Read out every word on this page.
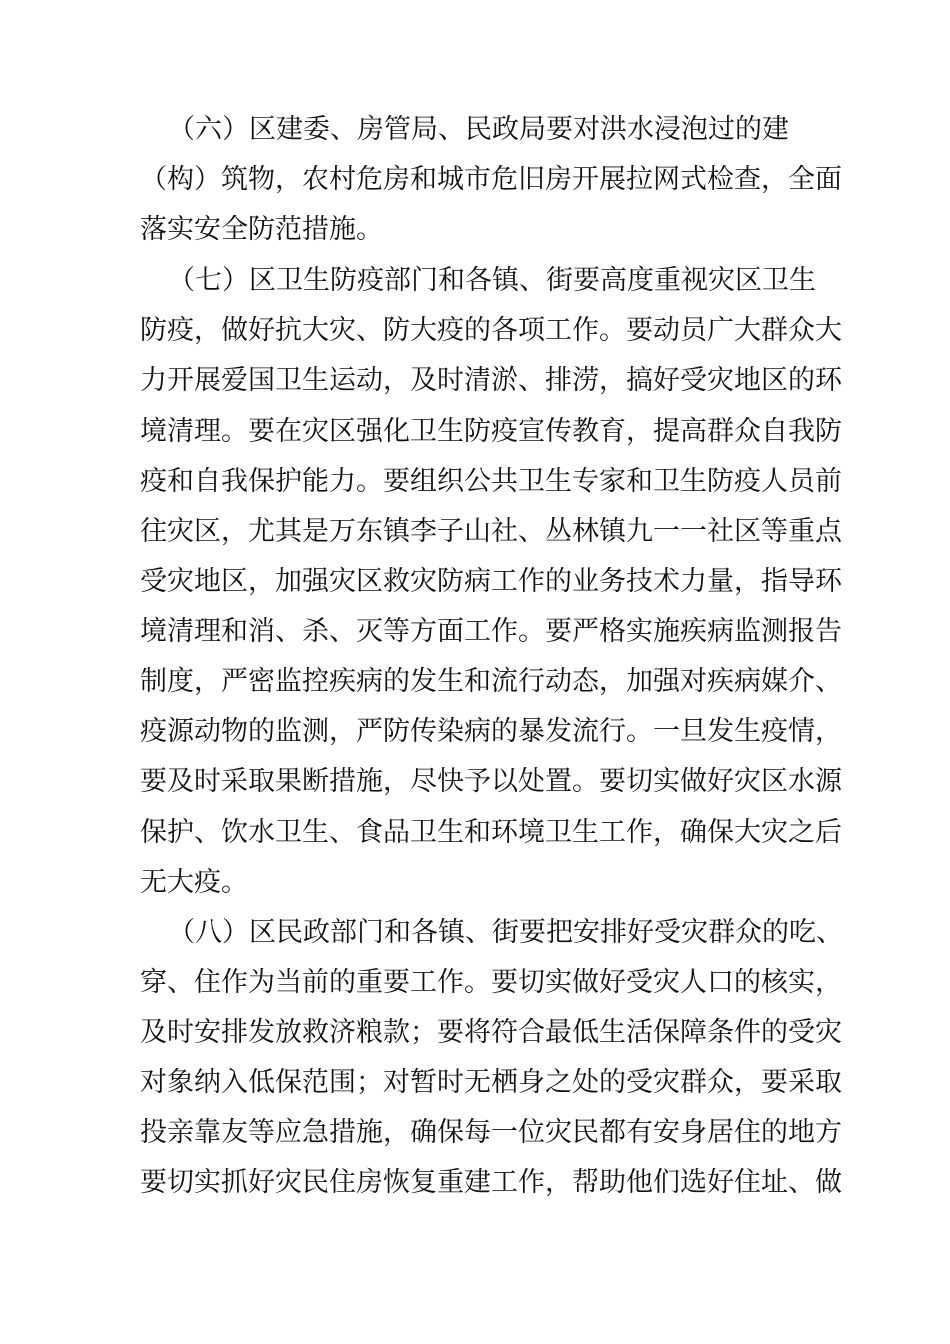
（六）区建委、房管局、民政局要对洪水浸泡过的建
（构）筑物，农村危房和城市危旧房开展拉网式检查，全面
落实安全防范措施。
（七）区卫生防疫部门和各镇、街要高度重视灾区卫生
防疫，做好抗大灾、防大疫的各项工作。要动员广大群众大
力开展爱国卫生运动，及时清淤、排涝，搞好受灾地区的环
境清理。要在灾区强化卫生防疫宣传教育，提高群众自我防
疫和自我保护能力。要组织公共卫生专家和卫生防疫人员前
往灾区，尤其是万东镇李子山社、丛林镇九一一社区等重点
受灾地区，加强灾区救灾防病工作的业务技术力量，指导环
境清理和消、杀、灭等方面工作。要严格实施疾病监测报告
制度，严密监控疾病的发生和流行动态，加强对疾病媒介、
疫源动物的监测，严防传染病的暴发流行。一旦发生疫情，
要及时采取果断措施，尽快予以处置。要切实做好灾区水源
保护、饮水卫生、食品卫生和环境卫生工作，确保大灾之后
无大疫。
（八）区民政部门和各镇、街要把安排好受灾群众的吃、
穿、住作为当前的重要工作。要切实做好受灾人口的核实，
及时安排发放救济粮款；要将符合最低生活保障条件的受灾
对象纳入低保范围；对暂时无栖身之处的受灾群众，要采取
投亲靠友等应急措施，确保每一位灾民都有安身居住的地方
要切实抓好灾民住房恢复重建工作，帮助他们选好住址、做
